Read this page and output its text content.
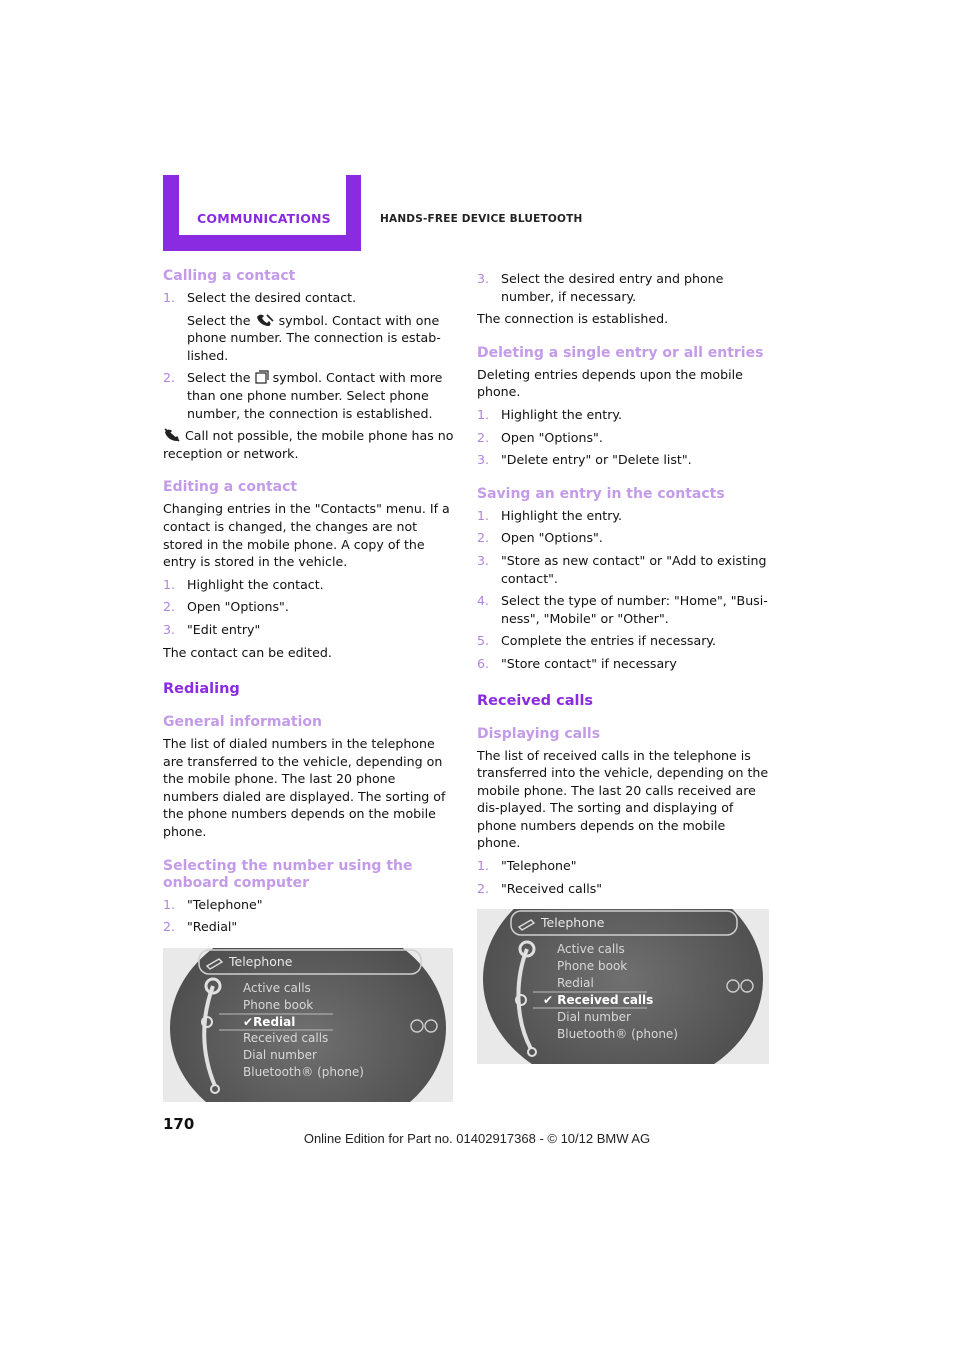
COMMUNICATIONS	HANDS-FREE DEVICE BLUETOOTH
Calling a contact
1. Select the desired contact.
Select the symbol. Contact with one phone number. The connection is estab-lished.
2. Select the symbol. Contact with more than one phone number. Select phone number, the connection is established.
Call not possible, the mobile phone has no reception or network.
Editing a contact
Changing entries in the "Contacts" menu. If a contact is changed, the changes are not stored in the mobile phone. A copy of the entry is stored in the vehicle.
1. Highlight the contact.
2. Open "Options".
3. "Edit entry"
The contact can be edited.
Redialing
General information
The list of dialed numbers in the telephone are transferred to the vehicle, depending on the mobile phone. The last 20 phone numbers dialed are displayed. The sorting of the phone numbers depends on the mobile phone.
Selecting the number using the onboard computer
1. "Telephone"
2. "Redial"
Telephone
Active calls
Phone book
✔Redial
Received calls
Dial number
Bluetooth® (phone)
3. Select the desired entry and phone number, if necessary.
The connection is established.
Deleting a single entry or all entries
Deleting entries depends upon the mobile phone.
1. Highlight the entry.
2. Open "Options".
3. "Delete entry" or "Delete list".
Saving an entry in the contacts
1. Highlight the entry.
2. Open "Options".
3. "Store as new contact" or "Add to existing contact".
4. Select the type of number: "Home", "Busi-ness", "Mobile" or "Other".
5. Complete the entries if necessary.
6. "Store contact" if necessary
Received calls
Displaying calls
The list of received calls in the telephone is transferred into the vehicle, depending on the mobile phone. The last 20 calls received are dis-played. The sorting and displaying of phone numbers depends on the mobile phone.
1. "Telephone"
2. "Received calls"
Telephone
Active calls
Phone book
Redial
✔ Received calls
Dial number
Bluetooth® (phone)
170
Online Edition for Part no. 01402917368 - © 10/12 BMW AG
